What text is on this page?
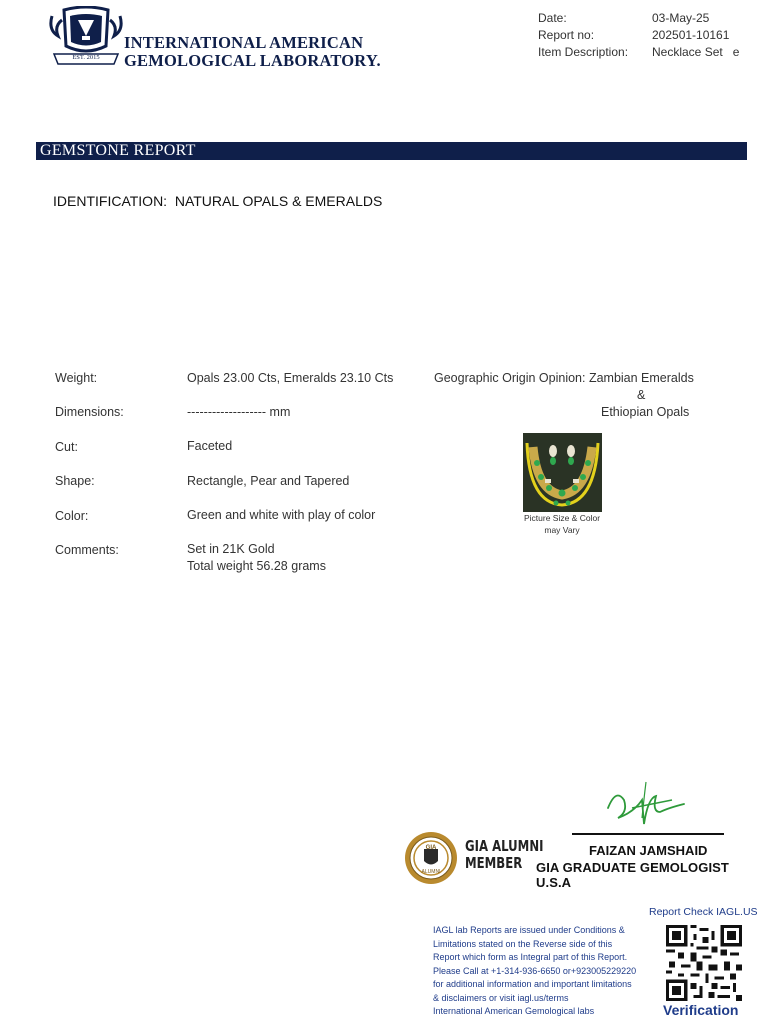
EST. 2015
INTERNATIONAL AMERICAN
GEMOLOGICAL LABORATORY.
Date:	03-May-25
Report no:	202501-10161
Item Description: Necklace Set   e
GEMSTONE REPORT
IDENTIFICATION:  NATURAL OPALS & EMERALDS
Weight:	Opals 23.00 Cts, Emeralds 23.10 Cts
Dimensions:	------------------- mm
Cut:	Faceted
Shape:	Rectangle, Pear and Tapered
Color:	Green and white with play of color
Comments:	Set in 21K Gold
Total weight 56.28 grams
Geographic Origin Opinion: Zambian Emeralds
&
Ethiopian Opals
Picture Size & Color
may Vary
FAIZAN JAMSHAID
GIA GRADUATE GEMOLOGIST U.S.A
GIA
ALUMNI
GIA ALUMNI
MEMBER
IAGL lab Reports are issued under Conditions &
Limitations stated on the Reverse side of this
Report which form as Integral part of this Report.
Please Call at +1-314-936-6650 or+923005229220
for additional information and important limitations
& disclaimers or visit iagl.us/terms
International American Gemological labs
Report Check IAGL.US
Verification
